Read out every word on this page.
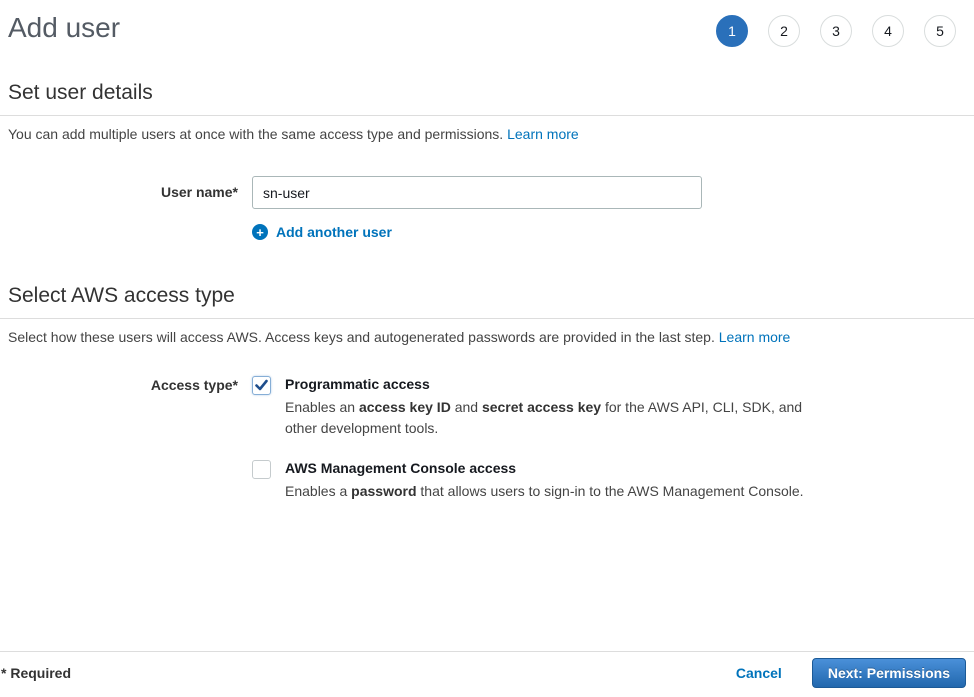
Add user	1	2	3	4	5
Set user details

You can add multiple users at once with the same access type and permissions. Learn more

User name*
sn-user
+ Add another user
Select AWS access type

Select how these users will access AWS. Access keys and autogenerated passwords are provided in the last step. Learn more

Access type*	Programmatic access
Enables an access key ID and secret access key for the AWS API, CLI, SDK, and other development tools.
AWS Management Console access
Enables a password that allows users to sign-in to the AWS Management Console.
* Required	Cancel	Next: Permissions
